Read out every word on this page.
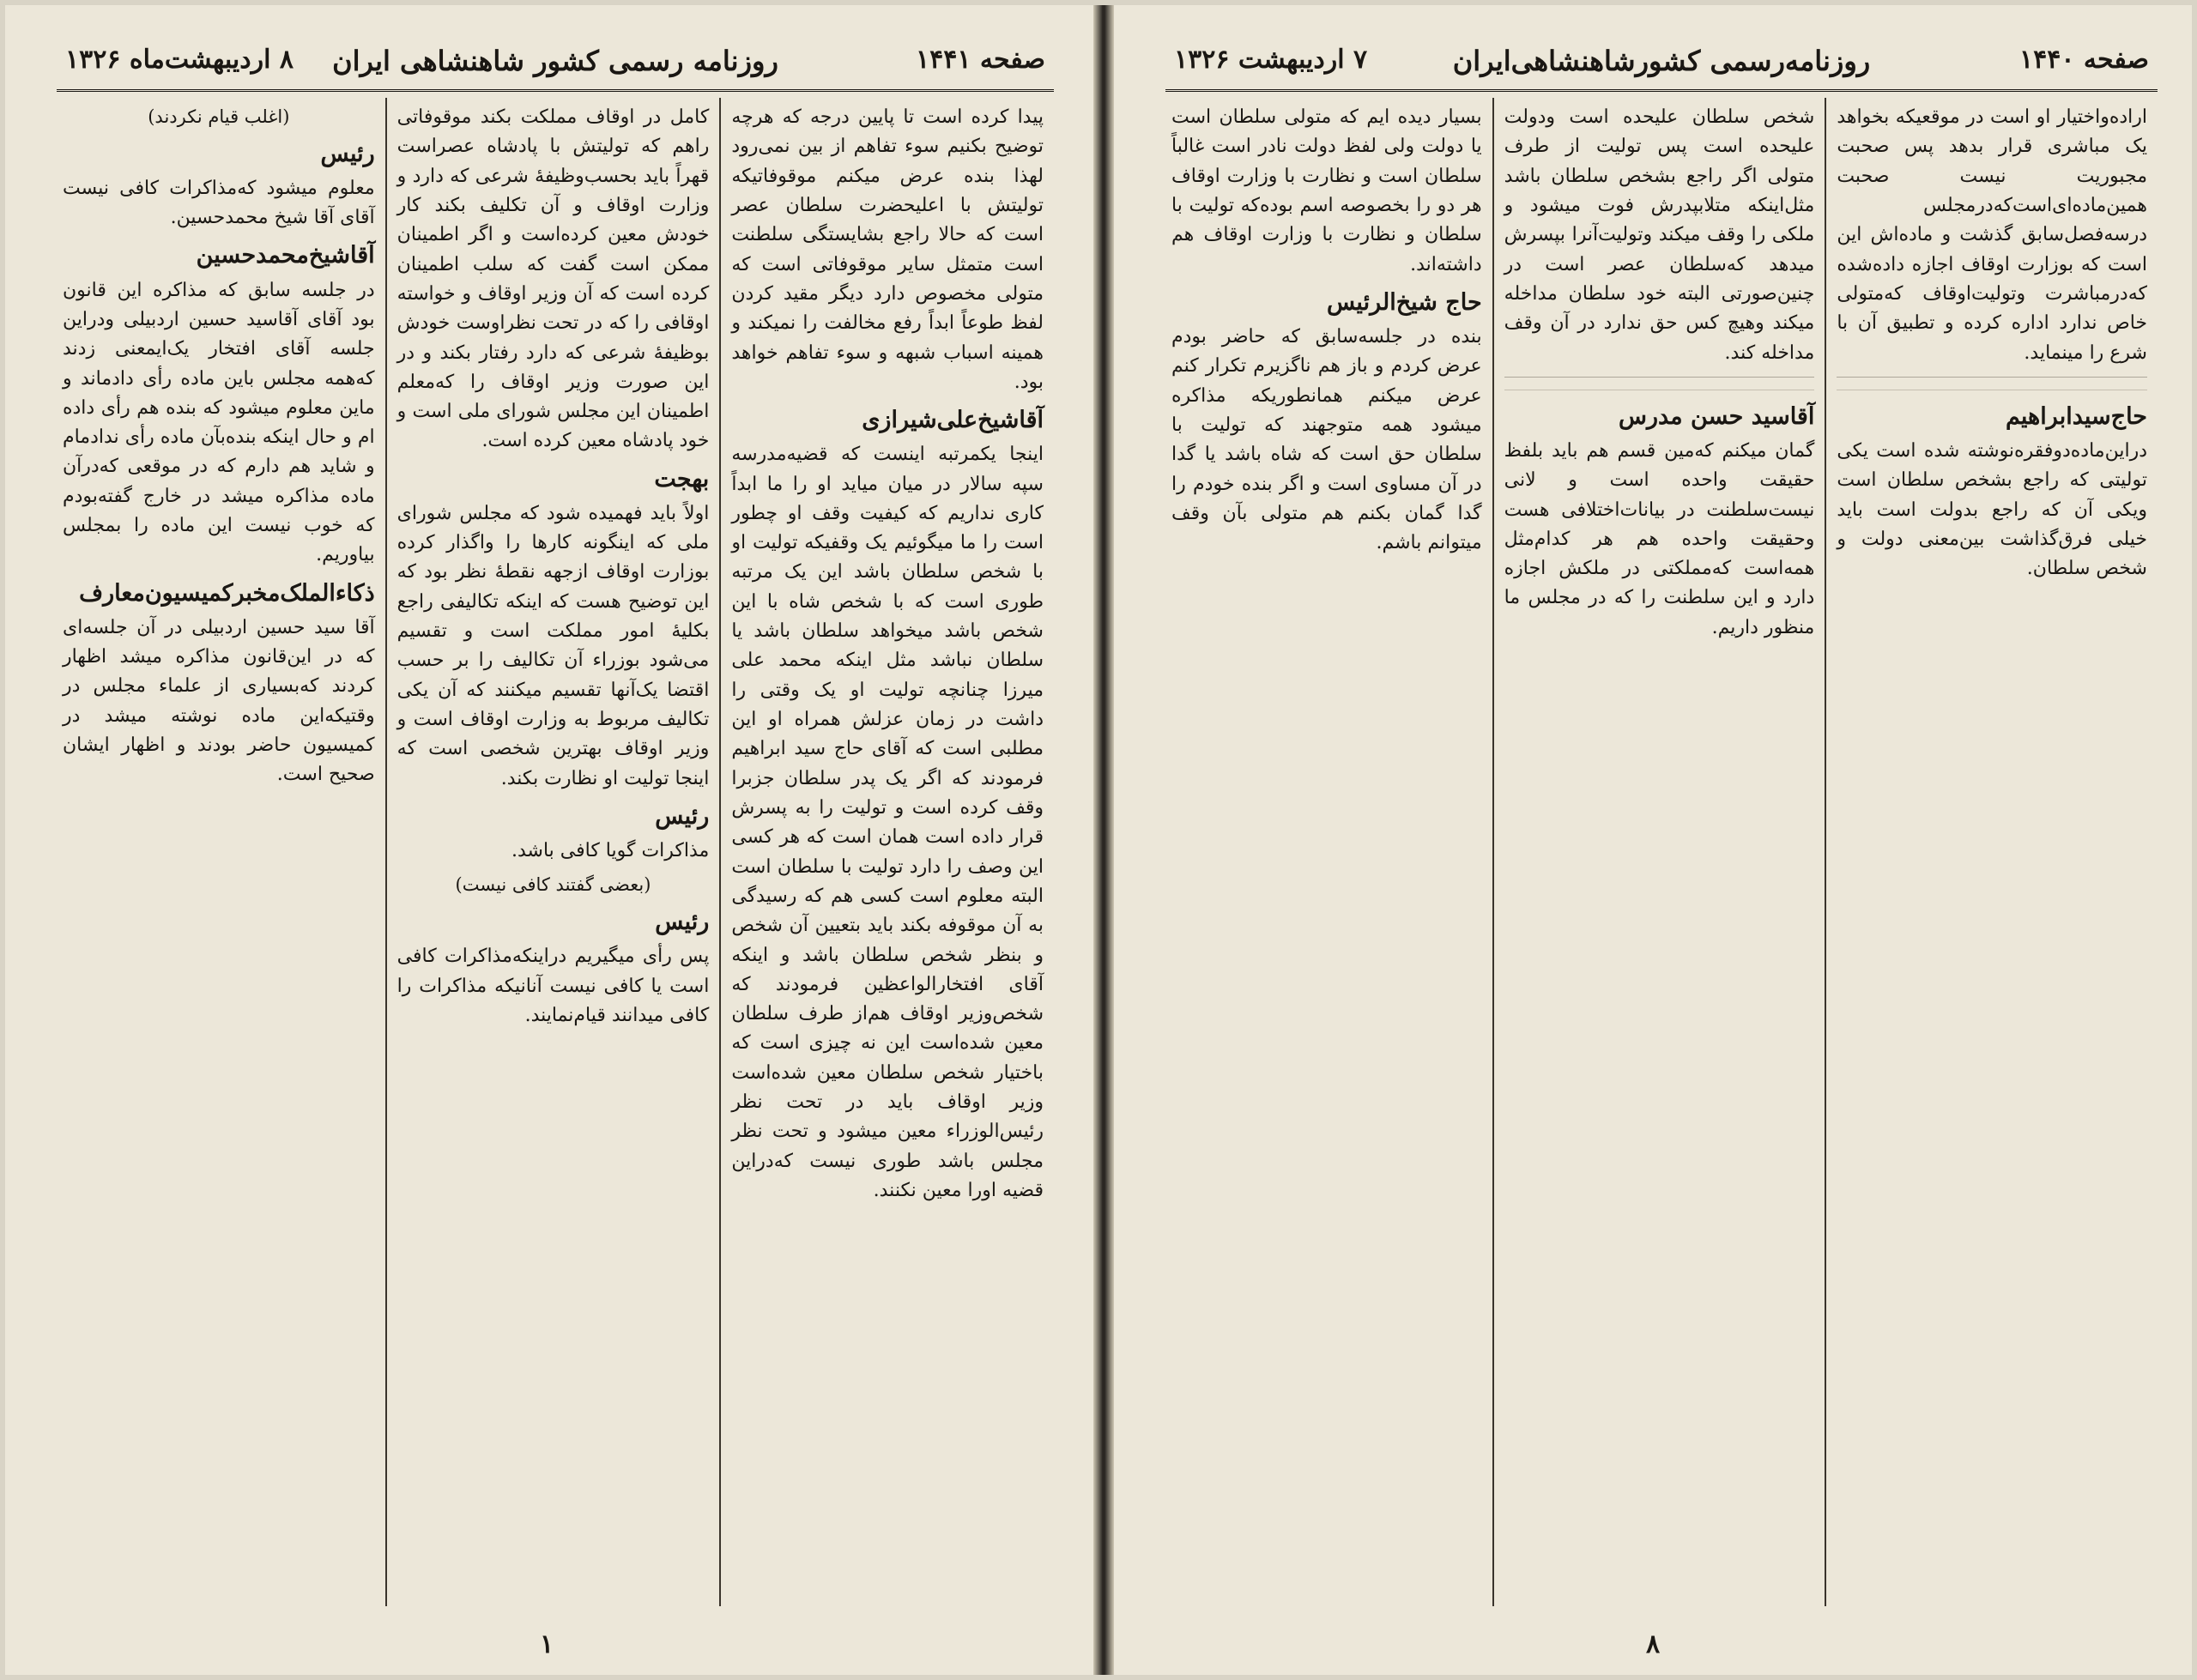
صفحه ۱۴۴۰
روزنامه‌رسمی کشورشاهنشاهی‌ایران
۷ اردیبهشت ۱۳۲۶

اراده‌واختیار او است در موقعیکه بخواهد یک مباشری قرار بدهد پس صحبت مجبوریت نیست صحبت همین‌ماده‌ای‌است‌که‌درمجلس درسه‌فصل‌سابق گذشت و ماده‌اش این است که بوزارت اوقاف اجازه داده‌شده که‌درمباشرت وتولیت‌اوقاف که‌متولی خاص ندارد اداره کرده و تطبیق آن با شرع را مینماید.

حاج‌سیدابراهیم

دراین‌ماده‌دوفقره‌نوشته شده است یکی تولیتی که راجع بشخص سلطان است ویکی آن که راجع بدولت است باید خیلی فرق‌گذاشت بین‌معنی دولت و شخص سلطان.

شخص سلطان علیحده است ودولت علیحده است پس تولیت از طرف متولی اگر راجع بشخص سلطان باشد مثل‌اینکه متلابپدرش فوت میشود و ملکی را وقف میکند وتولیت‌آنرا بپسرش میدهد که‌سلطان عصر است در چنین‌صورتی البته خود سلطان مداخله میکند وهیچ کس حق ندارد در آن وقف مداخله کند.

آقاسید حسن مدرس

گمان میکنم که‌مین قسم هم باید بلفظ حقیقت واحده است و لانی نیست‌سلطنت در بیانات‌اختلافی هست وحقیقت واحده هم هر کدام‌مثل همه‌است که‌مملکتی در ملکش اجازه دارد و این سلطنت را که در مجلس ما منظور داریم.

بسیار دیده ایم که متولی سلطان است یا دولت ولی لفظ دولت نادر است غالباً سلطان است و نظارت با وزارت اوقاف هر دو را بخصوصه اسم بوده‌که تولیت با سلطان و نظارت با وزارت اوقاف هم داشته‌اند.

حاج شیخ‌الرئیس

بنده در جلسه‌سابق که حاضر بودم عرض کردم و باز هم ناگزیرم تکرار کنم عرض میکنم همانطوریکه مذاکره میشود همه متوجهند که تولیت با سلطان حق است که شاه باشد یا گدا در آن مساوی است و اگر بنده خودم را گدا گمان بکنم هم متولی بآن وقف میتوانم باشم.

۸
صفحه ۱۴۴۱
روزنامه رسمی کشور شاهنشاهی ایران
۸ اردیبهشت‌ماه ۱۳۲۶

پیدا کرده است تا پایین درجه که هرچه توضیح بکنیم سوء تفاهم از بین نمی‌رود لهذا بنده عرض میکنم موقوفاتیکه تولیتش با اعلیحضرت سلطان عصر است که حالا راجع بشایستگی سلطنت است متمثل سایر موقوفاتی است که متولی مخصوص دارد دیگر مقید کردن لفظ طوعاً ابداً رفع مخالفت را نمیکند و همینه اسباب شبهه و سوء تفاهم خواهد بود.

آقاشیخ‌علی‌شیرازی

اینجا یکمرتبه اینست که قضیه‌مدرسه سپه سالار در میان میاید او را ما ابداً کاری نداریم که کیفیت وقف او چطور است را ما میگوئیم یک وقفیکه تولیت او با شخص سلطان باشد این یک مرتبه طوری است که با شخص شاه با این شخص باشد میخواهد سلطان باشد یا سلطان نباشد مثل اینکه محمد علی میرزا چنانچه تولیت او یک وقتی را داشت در زمان عزلش همراه او این مطلبی است که آقای حاج سید ابراهیم فرمودند که اگر یک پدر سلطان جزبرا وقف کرده است و تولیت را به پسرش قرار داده است همان است که هر کسی این وصف را دارد تولیت با سلطان است البته معلوم است کسی هم که رسیدگی به آن موقوفه بکند باید بتعیین آن شخص و بنظر شخص سلطان باشد و اینکه آقای افتخارالواعظین فرمودند که شخص‌وزیر اوقاف هم‌از طرف سلطان معین شده‌است این نه چیزی است که باختیار شخص سلطان معین شده‌است وزیر اوقاف باید در تحت نظر رئیس‌الوزراء معین میشود و تحت نظر مجلس باشد طوری نیست که‌دراین قضیه اورا معین نکنند.

کامل در اوقاف مملکت بکند موقوفاتی راهم که تولیتش با پادشاه عصراست قهراً باید بحسب‌وظیفهٔ شرعی که دارد و وزارت اوقاف و آن تکلیف بکند کار خودش معین کرده‌است و اگر اطمینان ممکن است گفت که سلب اطمینان کرده است که آن وزیر اوقاف و خواسته اوقافی را که در تحت نظراوست خودش بوظیفهٔ شرعی که دارد رفتار بکند و در این صورت وزیر اوقاف را که‌معلم اطمینان این مجلس شورای ملی است و خود پادشاه معین کرده است.

بهجت

اولاً باید فهمیده شود که مجلس شورای ملی که اینگونه کارها را واگذار کرده بوزارت اوقاف ازجهه نقطهٔ نظر بود که این توضیح هست که اینکه تکالیفی راجع بکلیهٔ امور مملکت است و تقسیم می‌شود بوزراء آن تکالیف را بر حسب اقتضا یک‌آنها تقسیم میکنند که آن یکی تکالیف مربوط به وزارت اوقاف است و وزیر اوقاف بهترین شخصی است که اینجا تولیت او نظارت بکند.

رئیس

مذاکرات گویا کافی باشد.

(بعضی گفتند کافی نیست)
رئیس

پس رأی میگیریم دراینکه‌مذاکرات کافی است یا کافی نیست آنانیکه مذاکرات را کافی میدانند قیام‌نمایند.

(اغلب قیام نکردند)
رئیس

معلوم میشود که‌مذاکرات کافی نیست آقای آقا شیخ محمدحسین.

آقاشیخ‌محمدحسین

در جلسه سابق که مذاکره این قانون بود آقای آقاسید حسین اردبیلی ودراین جلسه آقای افتخار یک‌ایمعنی زدند که‌همه مجلس باین ماده رأی دادماند و ماین معلوم میشود که بنده هم رأی داده ام و حال اینکه بنده‌بآن ماده رأی ندادمام و شاید هم دارم که در موقعی که‌درآن ماده مذاکره میشد در خارج گفته‌بودم که خوب نیست این ماده را بمجلس بیاوریم.

ذکاءالملک‌مخبر‌کمیسیون‌معارف

آقا سید حسین اردبیلی در آن جلسه‌ای که در این‌قانون مذاکره میشد اظهار کردند که‌بسیاری از علماء مجلس در وقتیکه‌این ماده نوشته میشد در کمیسیون حاضر بودند و اظهار ایشان صحیح است.

۱
